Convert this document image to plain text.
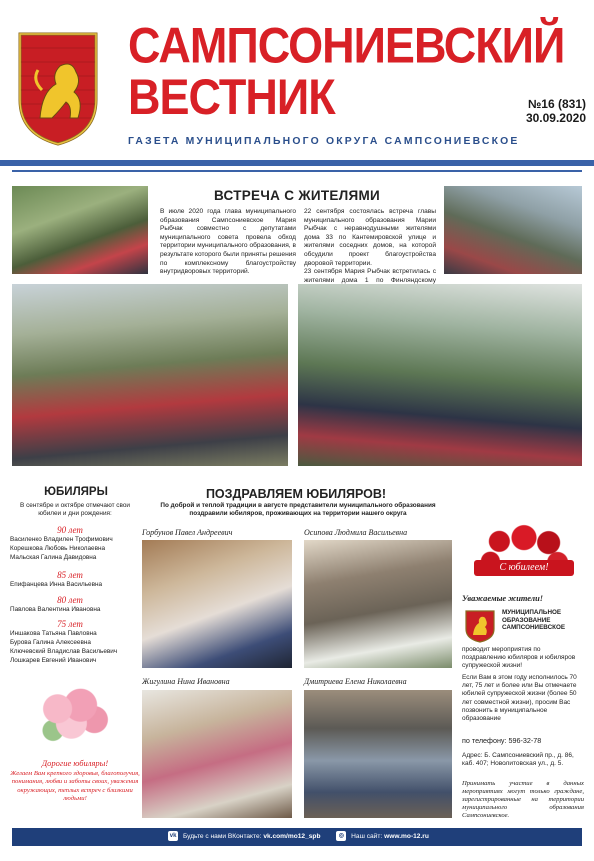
САМПСОНИЕВСКИЙ
ВЕСТНИК	№16 (831)
30.09.2020
ГАЗЕТА МУНИЦИПАЛЬНОГО ОКРУГА САМПСОНИЕВСКОЕ
ВСТРЕЧА С ЖИТЕЛЯМИ
В июле 2020 года глава муниципального образования Сампсониевское Мария Рыбчак совместно с депутатами муниципального совета провела обход территории муниципального образования, в результате которого были приняты решения по комплексному благоустройству внутридворовых территорий.
22 сентября состоялась встреча главы муниципального образования Марии Рыбчак с неравнодушными жителями дома 33 по Кантемировской улице и жителями соседних домов, на которой обсудили проект благоустройства дворовой территории.
23 сентября Мария Рыбчак встретилась с жителями дома 1 по Финляндскому
ЮБИЛЯРЫ
В сентябре и октябре отмечают свои юбилеи и дни рождения:
90 лет
Василенко Владилен Трофимович
Корешкова Любовь Николаевна
Мальская Галина Давидовна
85 лет
Епифанцева Инна Васильевна
80 лет
Павлова Валентина Ивановна
75 лет
Иншакова Татьяна Павловна
Бурова Галина Алексеевна
Ключевский Владислав Васильевич
Лошкарев Евгений Иванович
Дорогие юбиляры!
Желаем Вам крепкого здоровья, благополучия, понимания, любви и заботы своих, уважения окружающих, теплых встреч с близкими людьми!
ПОЗДРАВЛЯЕМ ЮБИЛЯРОВ!
По доброй и теплой традиции в августе представители муниципального образования поздравили юбиляров, проживающих на территории нашего округа
Горбунов Павел Андреевич	Осипова Людмила Васильевна
Жигулина Нина Ивановна	Дмитриева Елена Николаевна
С юбилеем!
Уважаемые жители!
МУНИЦИПАЛЬНОЕ ОБРАЗОВАНИЕ САМПСОНИЕВСКОЕ
проводит мероприятия по поздравлению юбиляров и юбиляров супружеской жизни!
Если Вам в этом году исполнилось 70 лет, 75 лет и более или Вы отмечаете юбилей супружеской жизни (более 50 лет совместной жизни), просим Вас позвонить в муниципальное образование
по телефону: 596-32-78
Адрес: Б. Сампсониевский пр., д. 86, каб. 407; Новолитовская ул., д. 5.
Принимать участие в данных мероприятиях могут только граждане, зарегистрированные на территории муниципального образования Сампсониевское.
vk Будьте с нами ВКонтакте: vk.com/mo12_spb	◎ Наш сайт: www.mo-12.ru
